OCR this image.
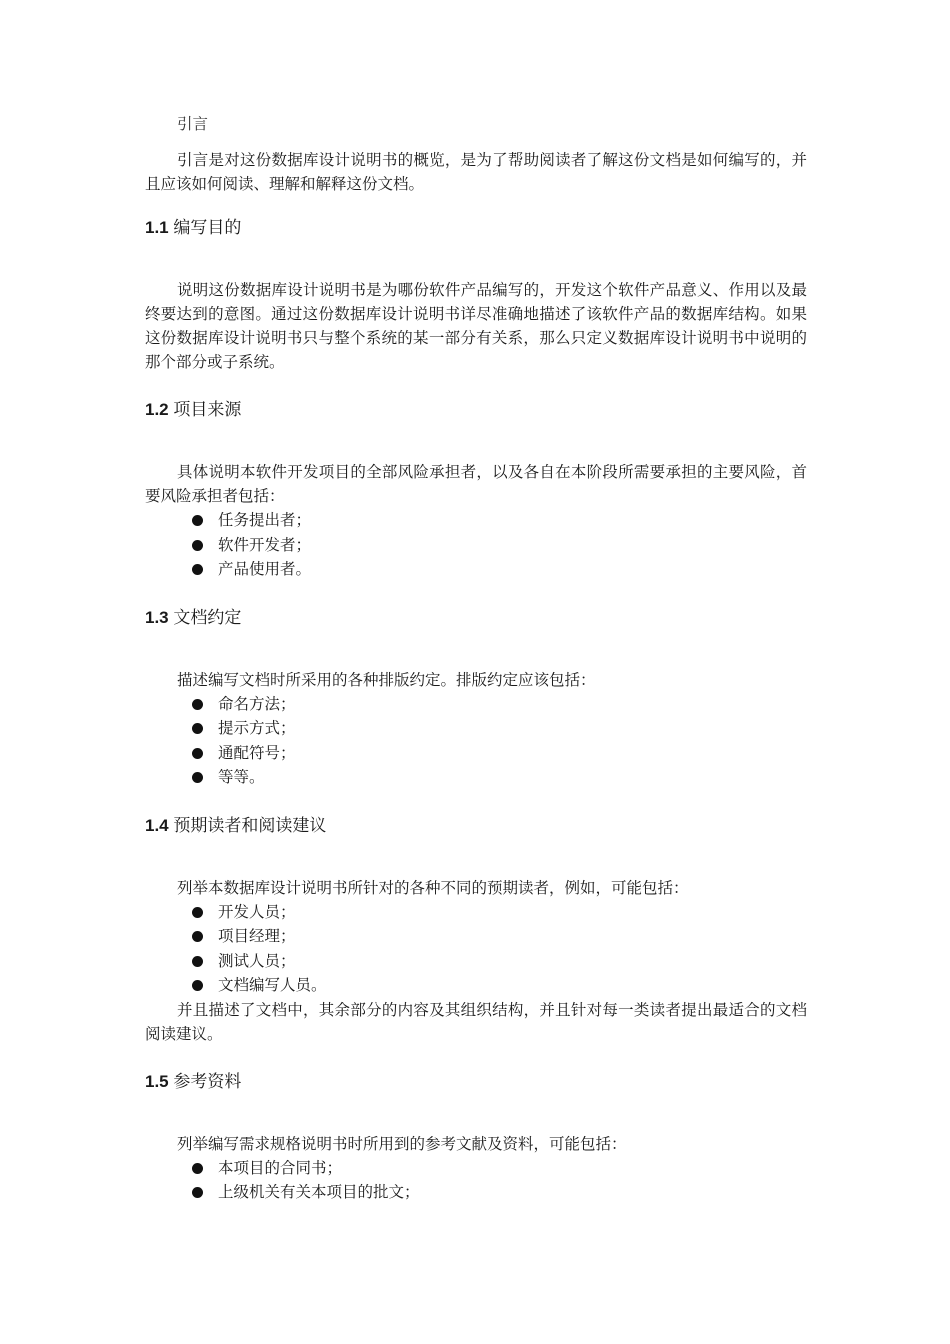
引言

引言是对这份数据库设计说明书的概览，是为了帮助阅读者了解这份文档是如何编写的，并且应该如何阅读、理解和解释这份文档。

1.1 编写目的

说明这份数据库设计说明书是为哪份软件产品编写的，开发这个软件产品意义、作用以及最终要达到的意图。通过这份数据库设计说明书详尽准确地描述了该软件产品的数据库结构。如果这份数据库设计说明书只与整个系统的某一部分有关系，那么只定义数据库设计说明书中说明的那个部分或子系统。

1.2 项目来源

具体说明本软件开发项目的全部风险承担者，以及各自在本阶段所需要承担的主要风险，首要风险承担者包括：

任务提出者；
软件开发者；
产品使用者。
1.3 文档约定

描述编写文档时所采用的各种排版约定。排版约定应该包括：

命名方法；
提示方式；
通配符号；
等等。
1.4 预期读者和阅读建议

列举本数据库设计说明书所针对的各种不同的预期读者，例如，可能包括：

开发人员；
项目经理；
测试人员；
文档编写人员。

并且描述了文档中，其余部分的内容及其组织结构，并且针对每一类读者提出最适合的文档阅读建议。

1.5 参考资料

列举编写需求规格说明书时所用到的参考文献及资料，可能包括：

本项目的合同书；
上级机关有关本项目的批文；
